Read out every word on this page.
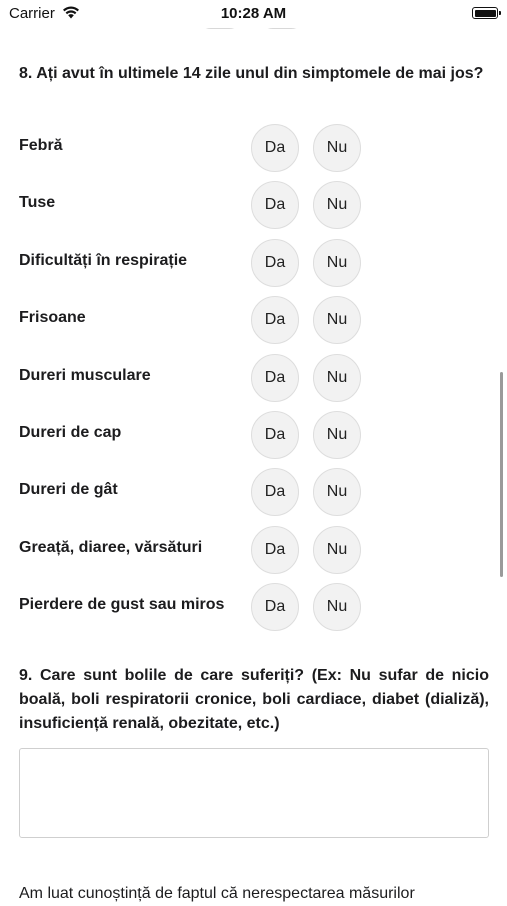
Carrier	10:28 AM
8. Ați avut în ultimele 14 zile unul din simptomele de mai jos?
Febră	Da	Nu
Tuse	Da	Nu
Dificultăți în respirație	Da	Nu
Frisoane	Da	Nu
Dureri musculare	Da	Nu
Dureri de cap	Da	Nu
Dureri de gât	Da	Nu
Greață, diaree, vărsături	Da	Nu
Pierdere de gust sau miros	Da	Nu
9. Care sunt bolile de care suferiți? (Ex: Nu sufar de nicio boală, boli respiratorii cronice, boli cardiace, diabet (dializă), insuficiență renală, obezitate, etc.)
Am luat cunoștință de faptul că nerespectarea măsurilor
